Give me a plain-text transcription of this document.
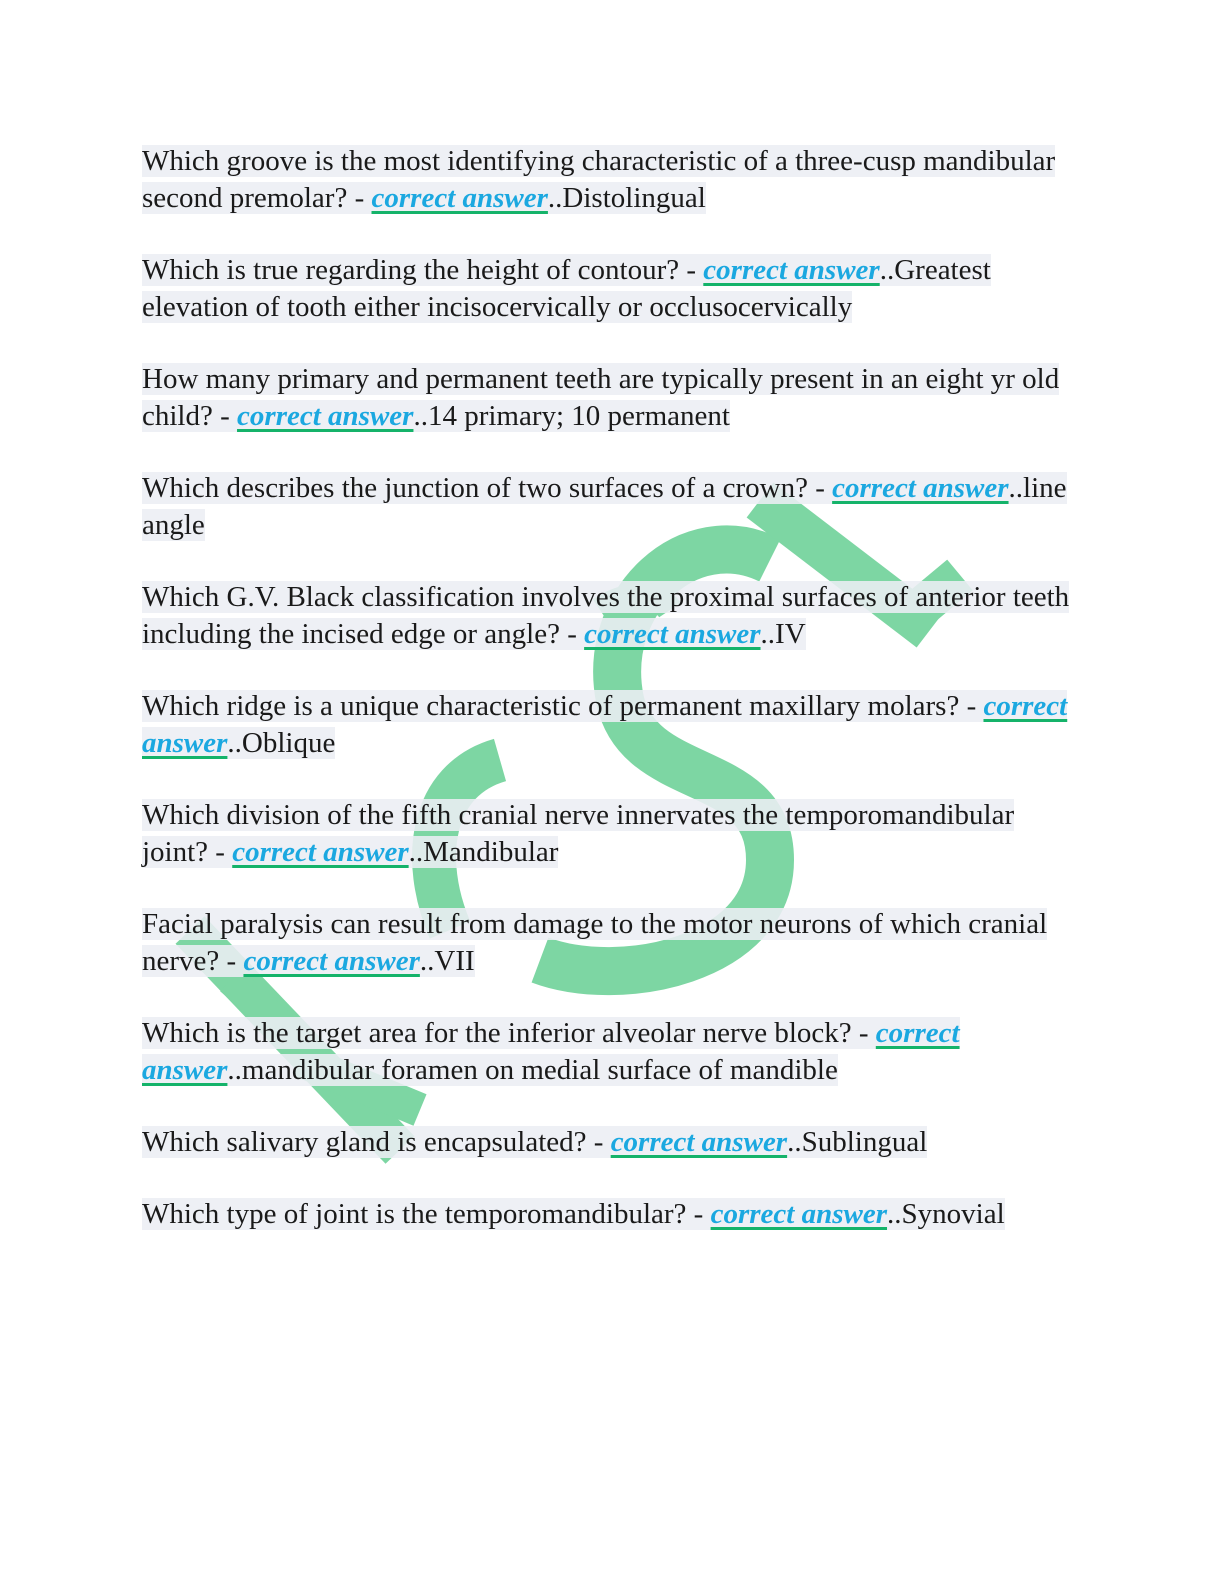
Which groove is the most identifying characteristic of a three-cusp mandibular second premolar? - correct answer..Distolingual

Which is true regarding the height of contour? - correct answer..Greatest elevation of tooth either incisocervically or occlusocervically

How many primary and permanent teeth are typically present in an eight yr old child? - correct answer..14 primary; 10 permanent

Which describes the junction of two surfaces of a crown? - correct answer..line angle

Which G.V. Black classification involves the proximal surfaces of anterior teeth including the incised edge or angle? - correct answer..IV

Which ridge is a unique characteristic of permanent maxillary molars? - correct answer..Oblique

Which division of the fifth cranial nerve innervates the temporomandibular joint? - correct answer..Mandibular

Facial paralysis can result from damage to the motor neurons of which cranial nerve? - correct answer..VII

Which is the target area for the inferior alveolar nerve block? - correct answer..mandibular foramen on medial surface of mandible

Which salivary gland is encapsulated? - correct answer..Sublingual

Which type of joint is the temporomandibular? - correct answer..Synovial
